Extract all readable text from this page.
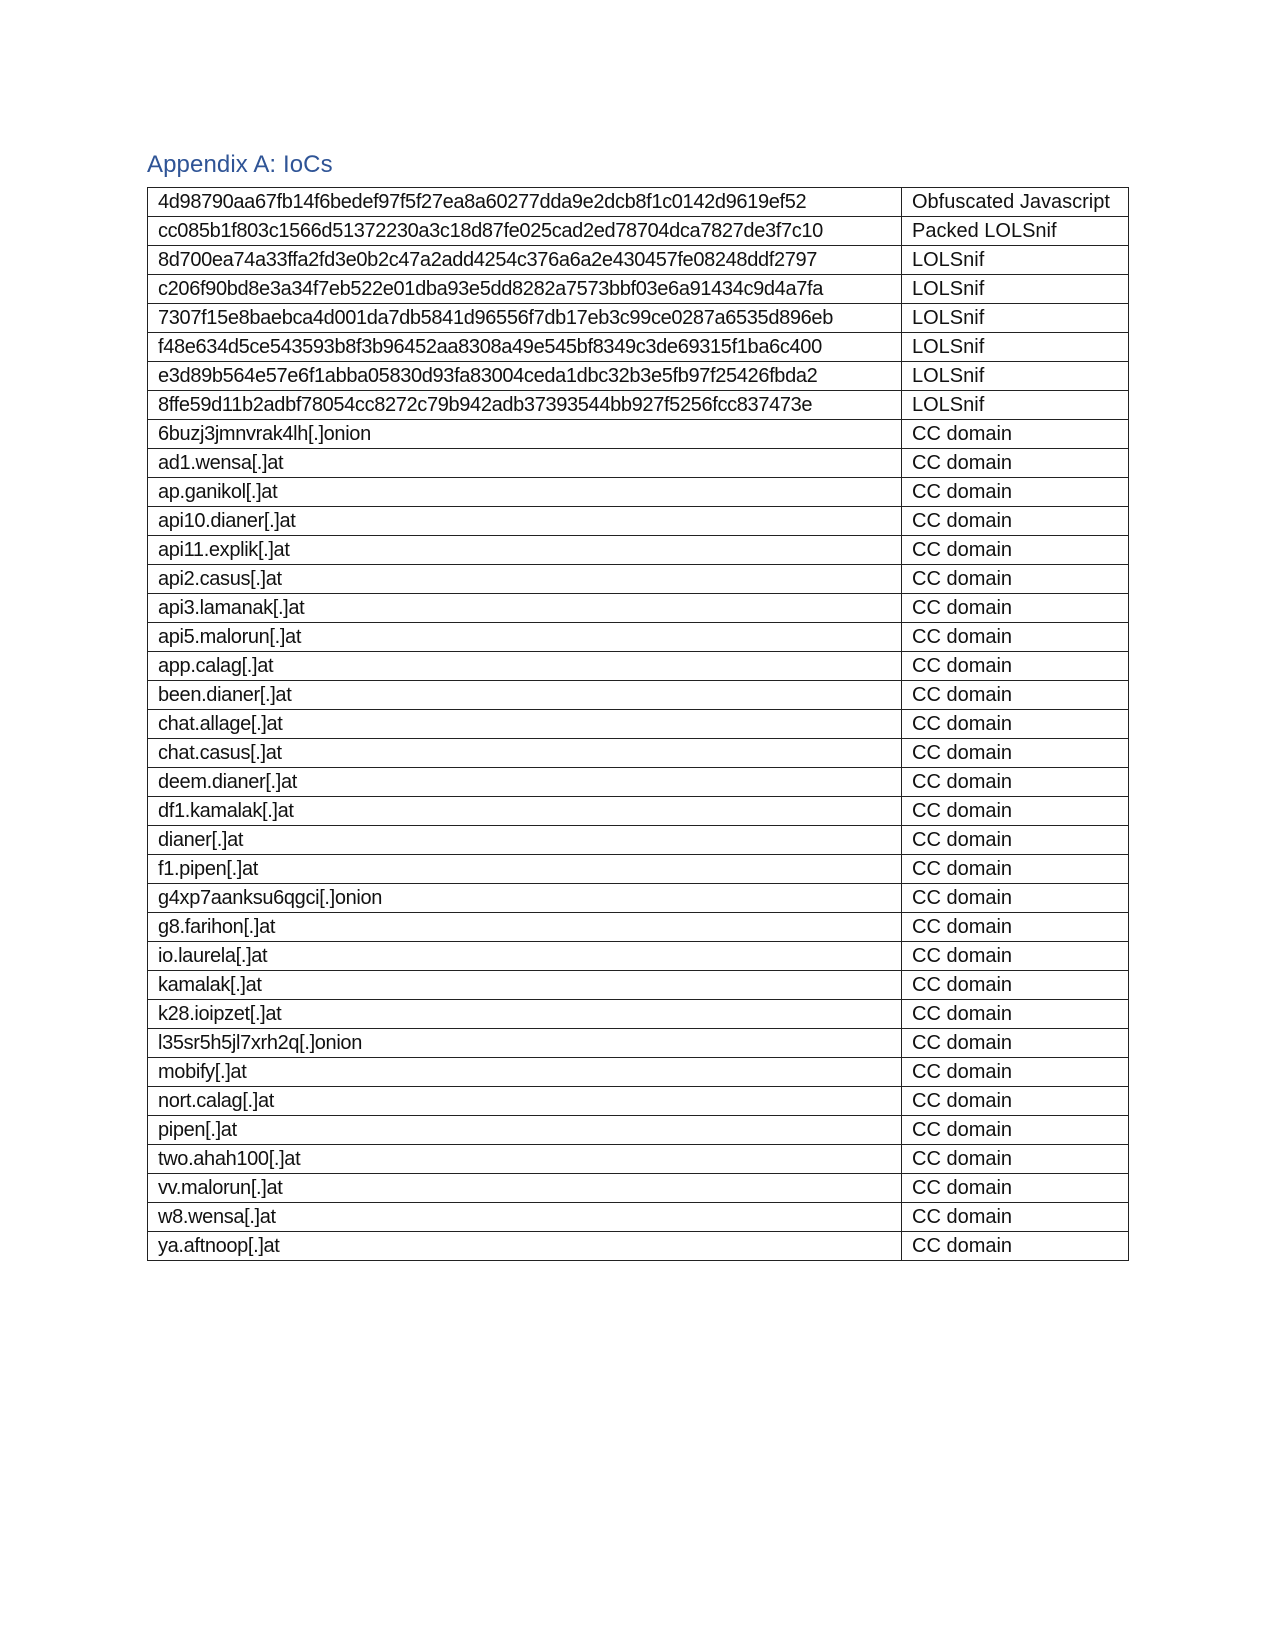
Appendix A: IoCs
4d98790aa67fb14f6bedef97f5f27ea8a60277dda9e2dcb8f1c0142d9619ef52	Obfuscated Javascript
cc085b1f803c1566d51372230a3c18d87fe025cad2ed78704dca7827de3f7c10	Packed LOLSnif
8d700ea74a33ffa2fd3e0b2c47a2add4254c376a6a2e430457fe08248ddf2797	LOLSnif
c206f90bd8e3a34f7eb522e01dba93e5dd8282a7573bbf03e6a91434c9d4a7fa	LOLSnif
7307f15e8baebca4d001da7db5841d96556f7db17eb3c99ce0287a6535d896eb	LOLSnif
f48e634d5ce543593b8f3b96452aa8308a49e545bf8349c3de69315f1ba6c400	LOLSnif
e3d89b564e57e6f1abba05830d93fa83004ceda1dbc32b3e5fb97f25426fbda2	LOLSnif
8ffe59d11b2adbf78054cc8272c79b942adb37393544bb927f5256fcc837473e	LOLSnif
6buzj3jmnvrak4lh[.]onion	CC domain
ad1.wensa[.]at	CC domain
ap.ganikol[.]at	CC domain
api10.dianer[.]at	CC domain
api11.explik[.]at	CC domain
api2.casus[.]at	CC domain
api3.lamanak[.]at	CC domain
api5.malorun[.]at	CC domain
app.calag[.]at	CC domain
been.dianer[.]at	CC domain
chat.allage[.]at	CC domain
chat.casus[.]at	CC domain
deem.dianer[.]at	CC domain
df1.kamalak[.]at	CC domain
dianer[.]at	CC domain
f1.pipen[.]at	CC domain
g4xp7aanksu6qgci[.]onion	CC domain
g8.farihon[.]at	CC domain
io.laurela[.]at	CC domain
kamalak[.]at	CC domain
k28.ioipzet[.]at	CC domain
l35sr5h5jl7xrh2q[.]onion	CC domain
mobify[.]at	CC domain
nort.calag[.]at	CC domain
pipen[.]at	CC domain
two.ahah100[.]at	CC domain
vv.malorun[.]at	CC domain
w8.wensa[.]at	CC domain
ya.aftnoop[.]at	CC domain
